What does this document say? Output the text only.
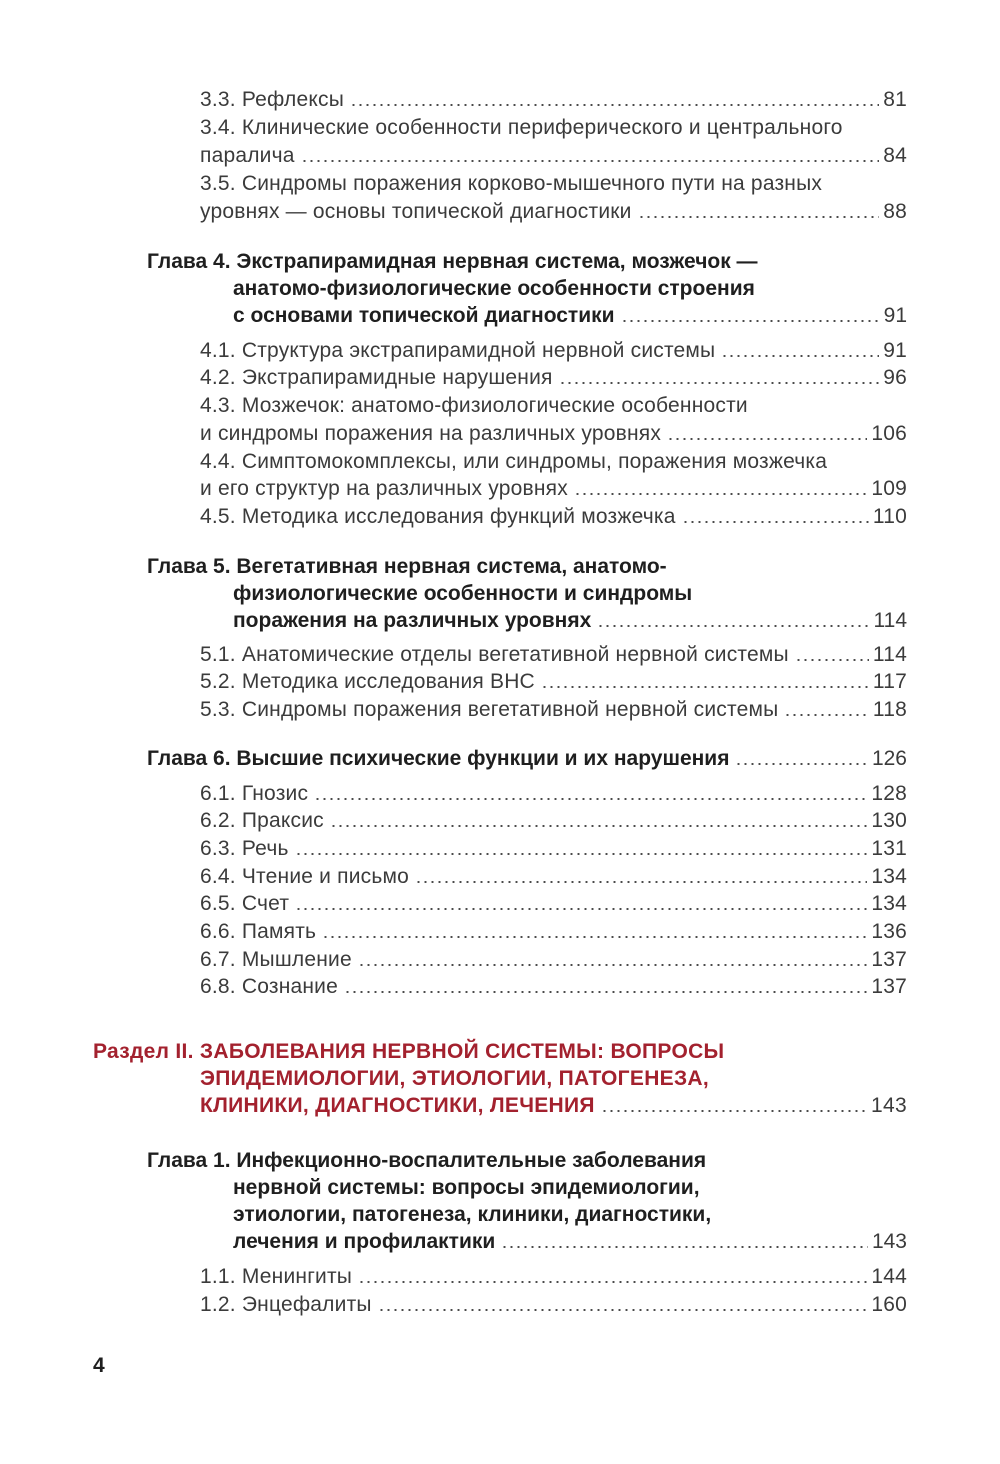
3.3. Рефлексы	81
3.4. Клинические особенности периферического и центрального
паралича	84
3.5. Синдромы поражения корково-мышечного пути на разных
уровнях — основы топической диагностики	88
Глава 4. Экстрапирамидная нервная система, мозжечок —
анатомо-физиологические особенности строения
с основами топической диагностики	91
4.1. Структура экстрапирамидной нервной системы	91
4.2. Экстрапирамидные нарушения	96
4.3. Мозжечок: анатомо-физиологические особенности
и синдромы поражения на различных уровнях	106
4.4. Симптомокомплексы, или синдромы, поражения мозжечка
и его структур на различных уровнях	109
4.5. Методика исследования функций мозжечка	110
Глава 5. Вегетативная нервная система, анатомо-
физиологические особенности и синдромы
поражения на различных уровнях	114
5.1. Анатомические отделы вегетативной нервной системы	114
5.2. Методика исследования ВНС	117
5.3. Синдромы поражения вегетативной нервной системы	118
Глава 6. Высшие психические функции и их нарушения	126
6.1. Гнозис	128
6.2. Праксис	130
6.3. Речь	131
6.4. Чтение и письмо	134
6.5. Счет	134
6.6. Память	136
6.7. Мышление	137
6.8. Сознание	137
Раздел II. ЗАБОЛЕВАНИЯ НЕРВНОЙ СИСТЕМЫ: ВОПРОСЫ
ЭПИДЕМИОЛОГИИ, ЭТИОЛОГИИ, ПАТОГЕНЕЗА,
КЛИНИКИ, ДИАГНОСТИКИ, ЛЕЧЕНИЯ	143
Глава 1. Инфекционно-воспалительные заболевания
нервной системы: вопросы эпидемиологии,
этиологии, патогенеза, клиники, диагностики,
лечения и профилактики	143
1.1. Менингиты	144
1.2. Энцефалиты	160
4
